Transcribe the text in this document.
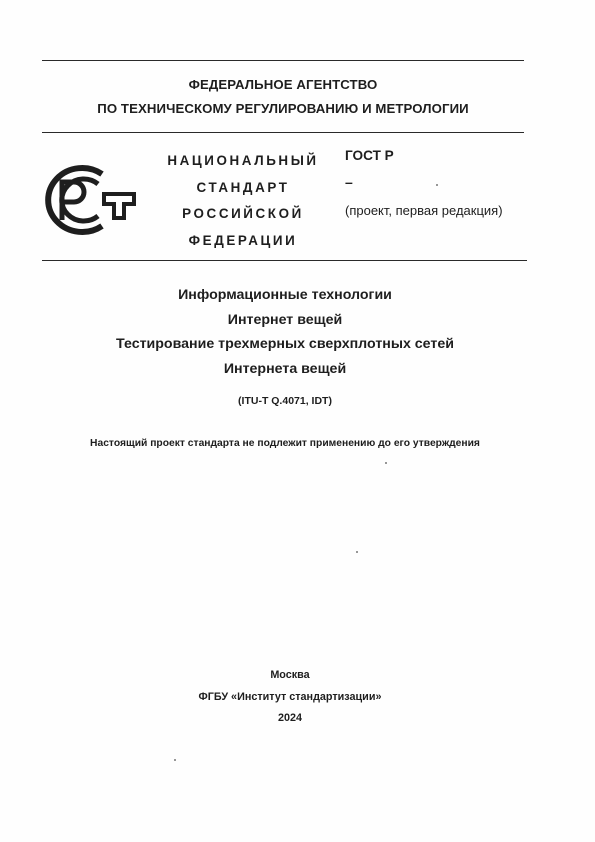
ФЕДЕРАЛЬНОЕ АГЕНТСТВО
ПО ТЕХНИЧЕСКОМУ РЕГУЛИРОВАНИЮ И МЕТРОЛОГИИ
НАЦИОНАЛЬНЫЙ
СТАНДАРТ
РОССИЙСКОЙ
ФЕДЕРАЦИИ
ГОСТ Р
–
(проект, первая редакция)
Информационные технологии
Интернет вещей
Тестирование трехмерных сверхплотных сетей
Интернета вещей
(ITU-T Q.4071, IDT)
Настоящий проект стандарта не подлежит применению до его утверждения
Москва
ФГБУ «Институт стандартизации»
2024
